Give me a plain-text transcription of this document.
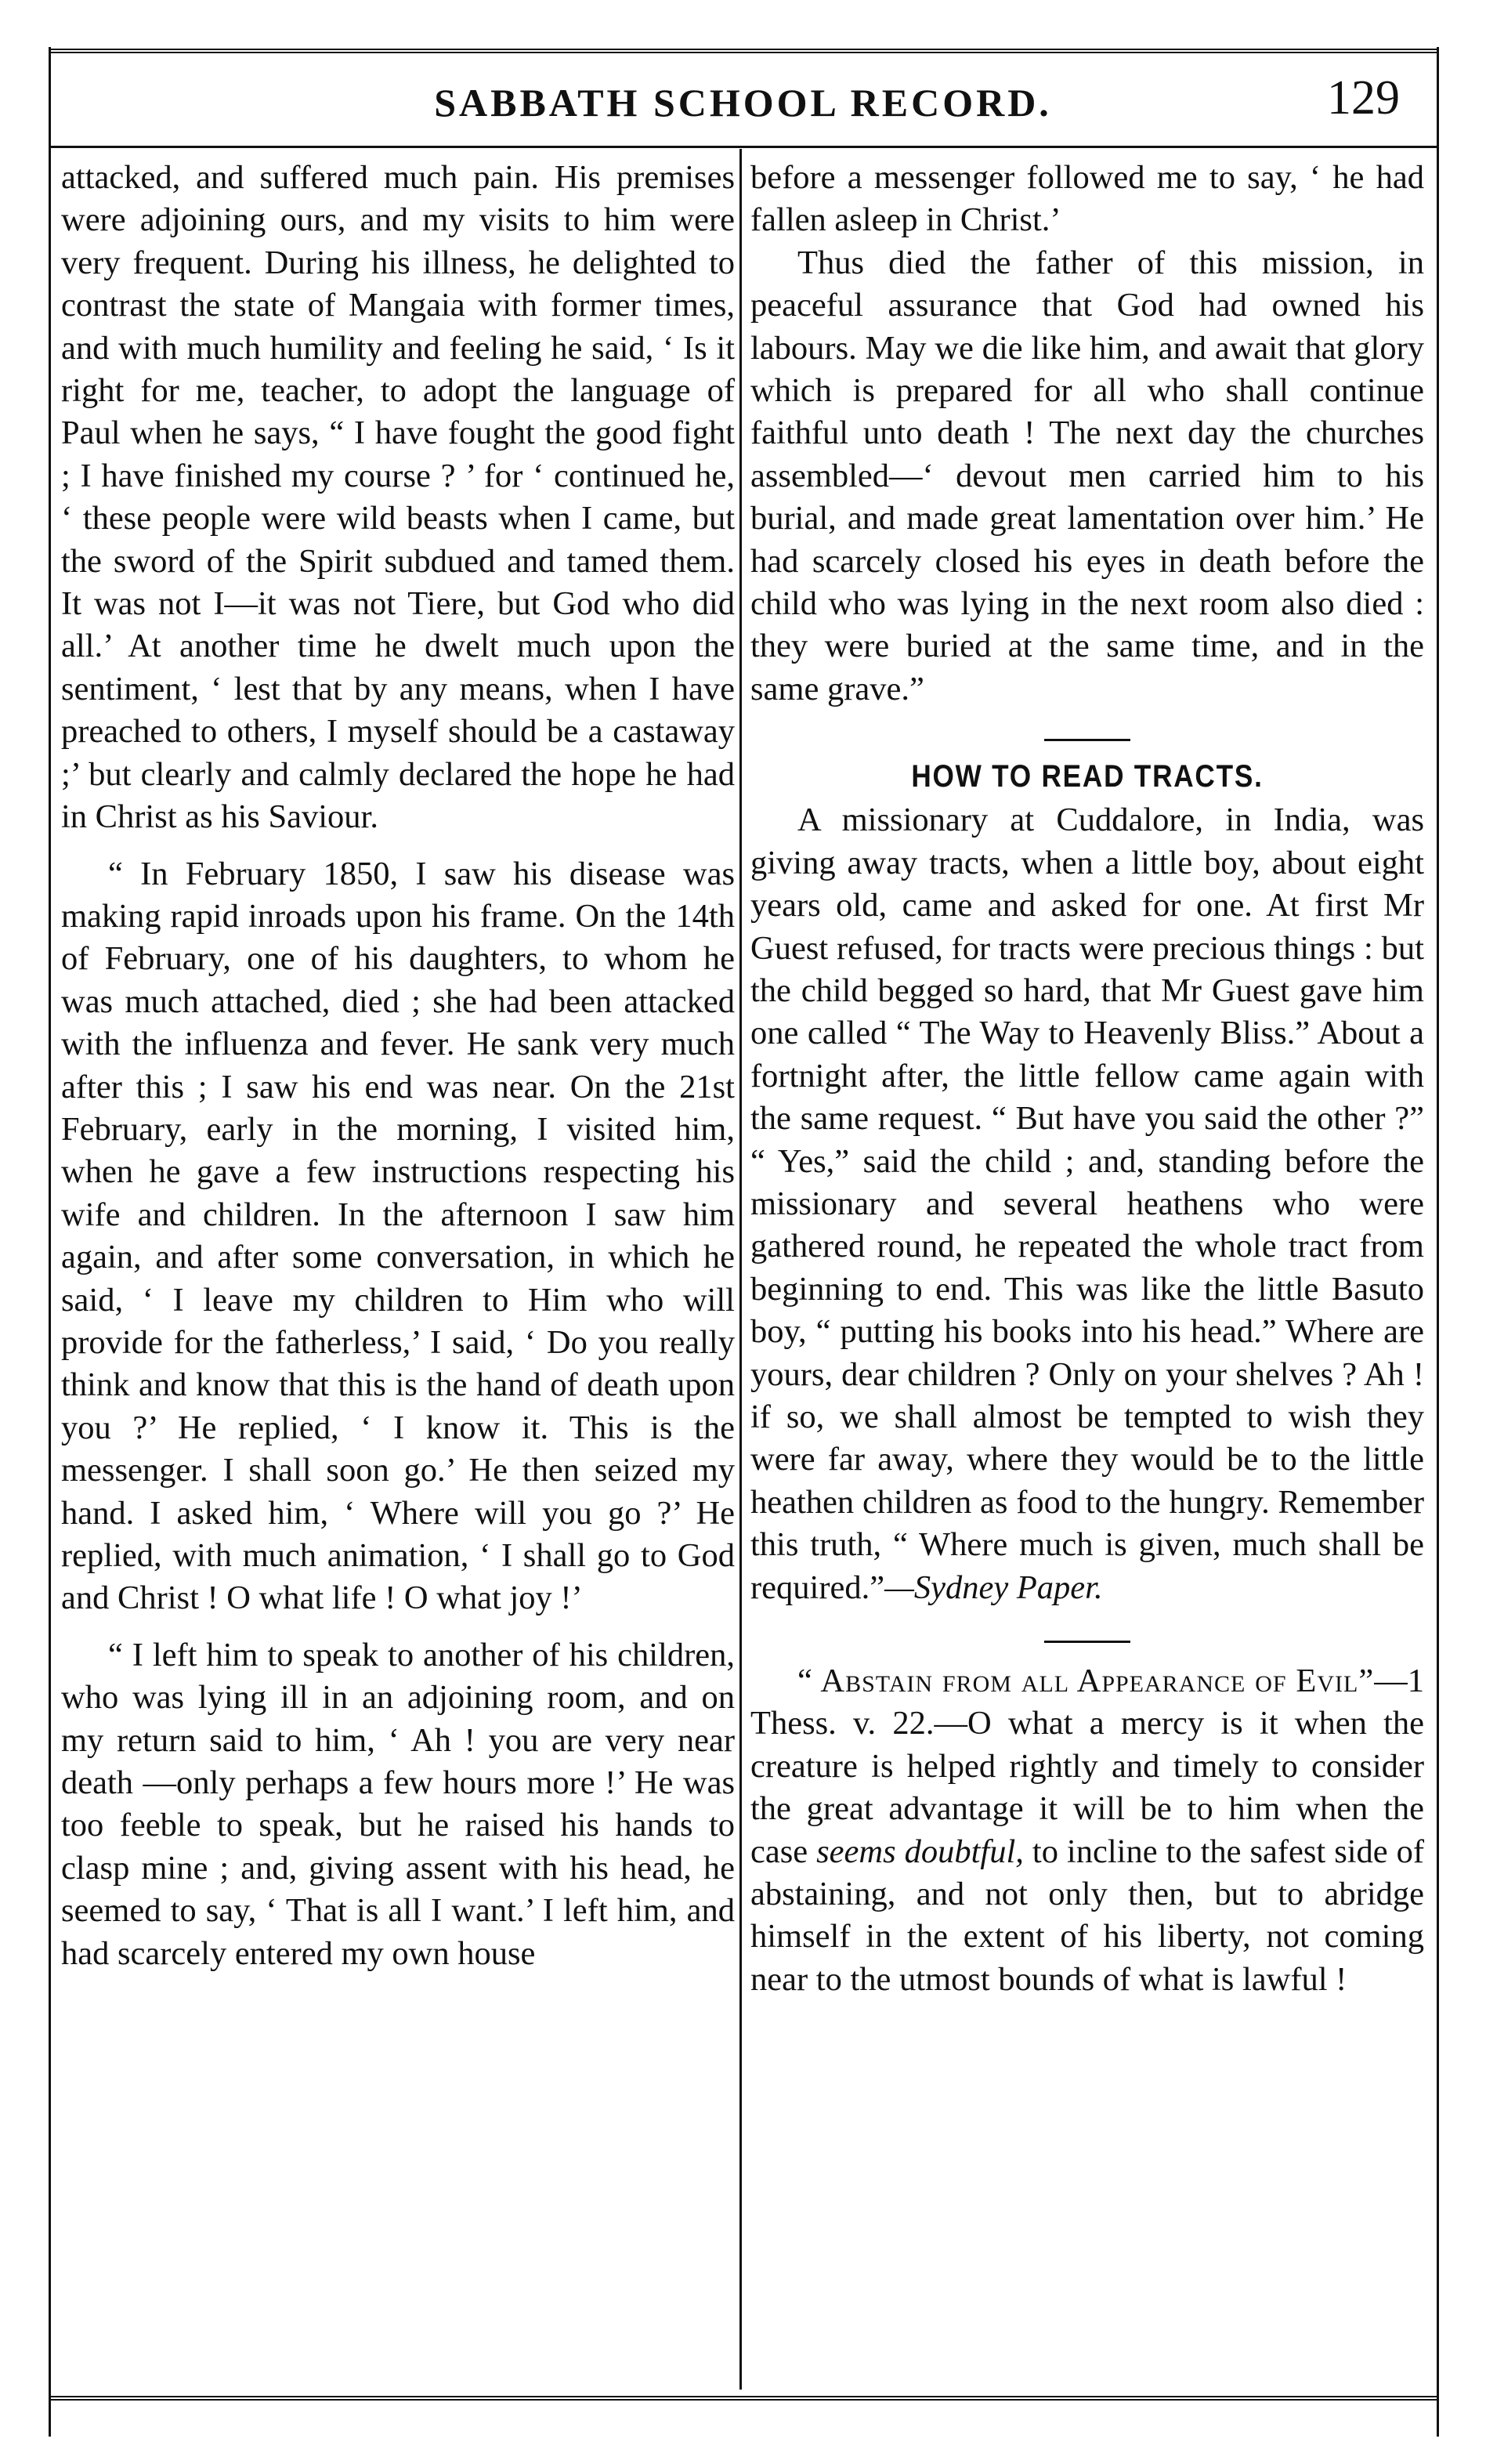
SABBATH SCHOOL RECORD.	129

attacked, and suffered much pain. His premises were adjoining ours, and my visits to him were very frequent. During his illness, he delighted to contrast the state of Mangaia with former times, and with much humility and feeling he said, ‘ Is it right for me, teacher, to adopt the language of Paul when he says, “ I have fought the good fight ; I have finished my course ? ’ for ‘ continued he, ‘ these people were wild beasts when I came, but the sword of the Spirit subdued and tamed them. It was not I—it was not Tiere, but God who did all.’ At another time he dwelt much upon the sentiment, ‘ lest that by any means, when I have preached to others, I myself should be a castaway ;’ but clearly and calmly declared the hope he had in Christ as his Saviour.

“ In February 1850, I saw his disease was making rapid inroads upon his frame. On the 14th of February, one of his daughters, to whom he was much attached, died ; she had been attacked with the influenza and fever. He sank very much after this ; I saw his end was near. On the 21st February, early in the morning, I visited him, when he gave a few instructions respecting his wife and children. In the afternoon I saw him again, and after some conversation, in which he said, ‘ I leave my children to Him who will provide for the fatherless,’ I said, ‘ Do you really think and know that this is the hand of death upon you ?’ He replied, ‘ I know it. This is the messenger. I shall soon go.’ He then seized my hand. I asked him, ‘ Where will you go ?’ He replied, with much animation, ‘ I shall go to God and Christ ! O what life ! O what joy !’

“ I left him to speak to another of his children, who was lying ill in an adjoining room, and on my return said to him, ‘ Ah ! you are very near death —only perhaps a few hours more !’ He was too feeble to speak, but he raised his hands to clasp mine ; and, giving assent with his head, he seemed to say, ‘ That is all I want.’ I left him, and had scarcely entered my own house

before a messenger followed me to say, ‘ he had fallen asleep in Christ.’

Thus died the father of this mission, in peaceful assurance that God had owned his labours. May we die like him, and await that glory which is prepared for all who shall continue faithful unto death ! The next day the churches assembled—‘ devout men carried him to his burial, and made great lamentation over him.’ He had scarcely closed his eyes in death before the child who was lying in the next room also died : they were buried at the same time, and in the same grave.”

HOW TO READ TRACTS.

A missionary at Cuddalore, in India, was giving away tracts, when a little boy, about eight years old, came and asked for one. At first Mr Guest refused, for tracts were precious things : but the child begged so hard, that Mr Guest gave him one called “ The Way to Heavenly Bliss.” About a fortnight after, the little fellow came again with the same request. “ But have you said the other ?” “ Yes,” said the child ; and, standing before the missionary and several heathens who were gathered round, he repeated the whole tract from beginning to end. This was like the little Basuto boy, “ putting his books into his head.” Where are yours, dear children ? Only on your shelves ? Ah ! if so, we shall almost be tempted to wish they were far away, where they would be to the little heathen children as food to the hungry. Remember this truth, “ Where much is given, much shall be required.”—Sydney Paper.

“ Abstain from all Appearance of Evil”—1 Thess. v. 22.—O what a mercy is it when the creature is helped rightly and timely to consider the great advantage it will be to him when the case seems doubtful, to incline to the safest side of abstaining, and not only then, but to abridge himself in the extent of his liberty, not coming near to the utmost bounds of what is lawful !
